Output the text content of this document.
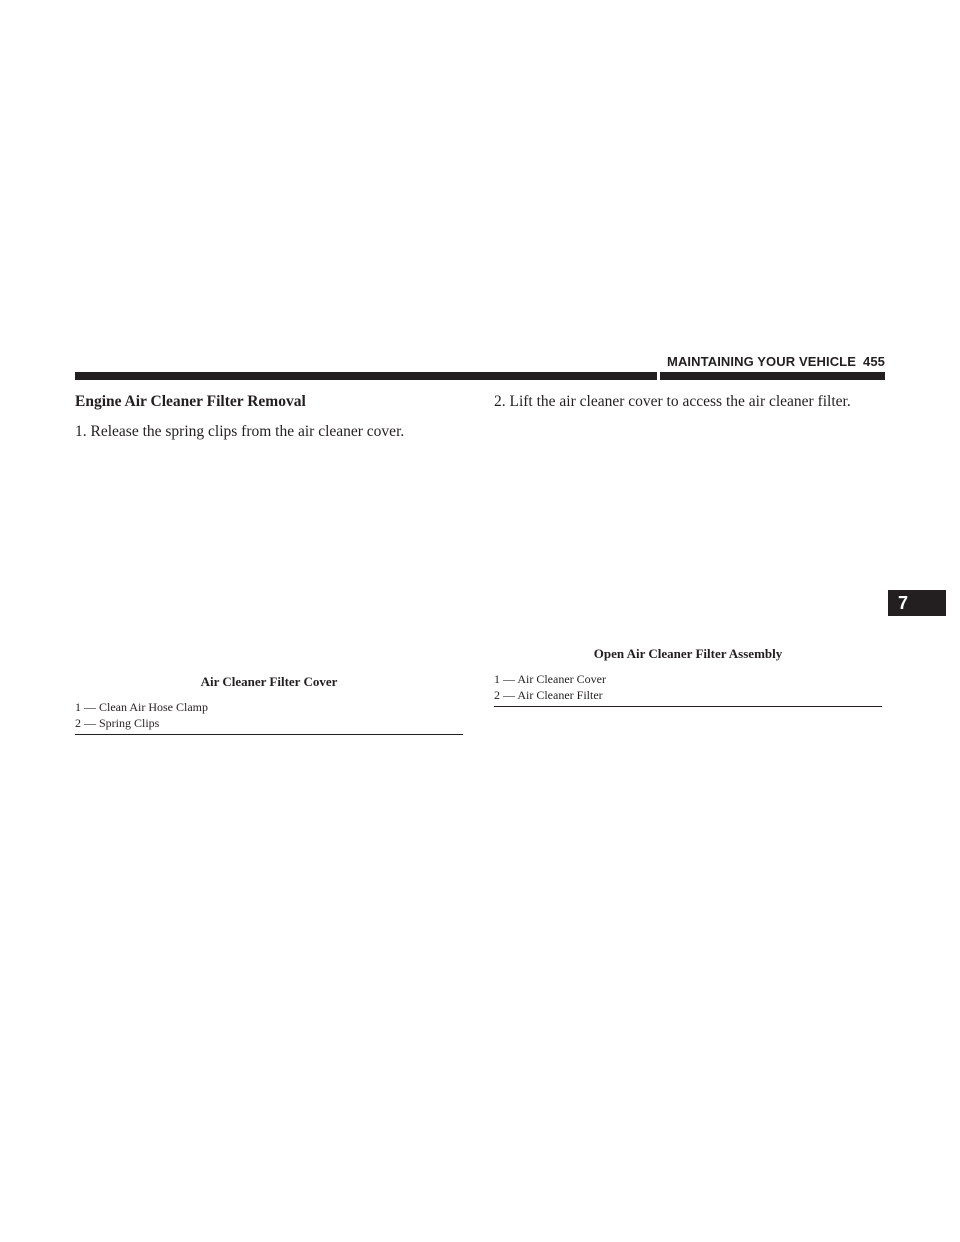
MAINTAINING YOUR VEHICLE 455
7
Engine Air Cleaner Filter Removal
1. Release the spring clips from the air cleaner cover.
Air Cleaner Filter Cover
1 — Clean Air Hose Clamp
2 — Spring Clips
2. Lift the air cleaner cover to access the air cleaner filter.
Open Air Cleaner Filter Assembly
1 — Air Cleaner Cover
2 — Air Cleaner Filter
